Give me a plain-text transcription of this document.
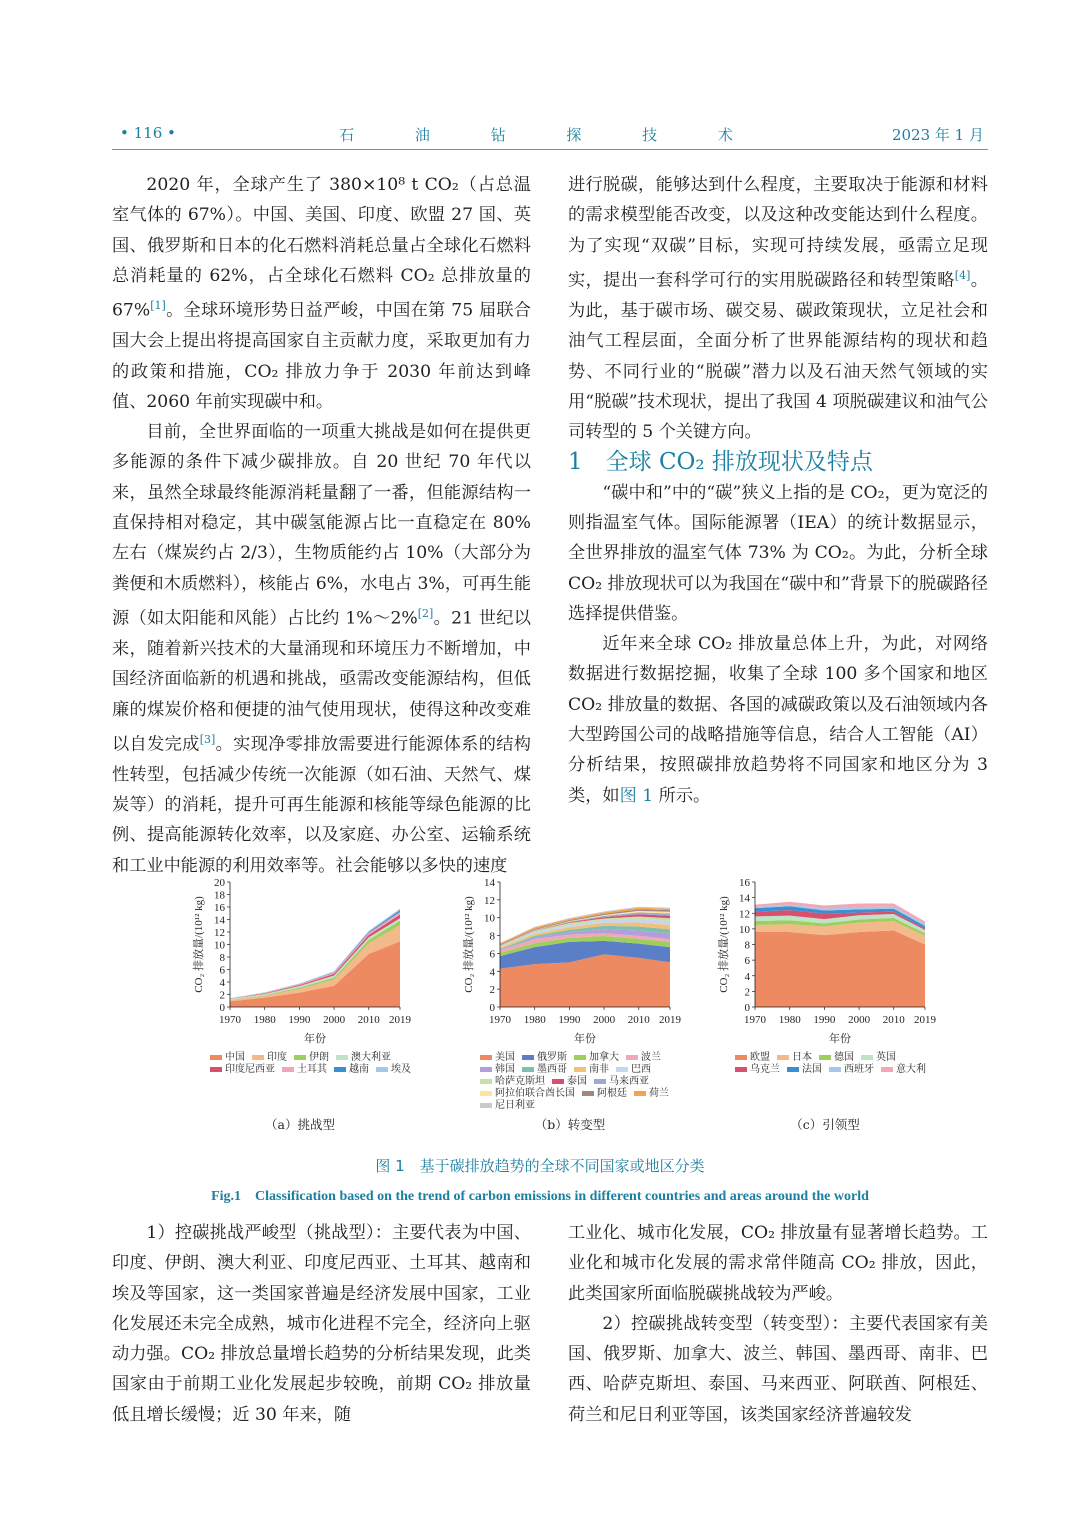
• 116 •	石 油 钻 探 技 术	2023 年 1 月

2020 年，全球产生了 380×10⁸ t CO₂（占总温室气体的 67%）。中国、美国、印度、欧盟 27 国、英国、俄罗斯和日本的化石燃料消耗总量占全球化石燃料总消耗量的 62%，占全球化石燃料 CO₂ 总排放量的 67%[1]。全球环境形势日益严峻，中国在第 75 届联合国大会上提出将提高国家自主贡献力度，采取更加有力的政策和措施，CO₂ 排放力争于 2030 年前达到峰值、2060 年前实现碳中和。

目前，全世界面临的一项重大挑战是如何在提供更多能源的条件下减少碳排放。自 20 世纪 70 年代以来，虽然全球最终能源消耗量翻了一番，但能源结构一直保持相对稳定，其中碳氢能源占比一直稳定在 80% 左右（煤炭约占 2/3），生物质能约占 10%（大部分为粪便和木质燃料），核能占 6%，水电占 3%，可再生能源（如太阳能和风能）占比约 1%～2%[2]。21 世纪以来，随着新兴技术的大量涌现和环境压力不断增加，中国经济面临新的机遇和挑战，亟需改变能源结构，但低廉的煤炭价格和便捷的油气使用现状，使得这种改变难以自发完成[3]。实现净零排放需要进行能源体系的结构性转型，包括减少传统一次能源（如石油、天然气、煤炭等）的消耗，提升可再生能源和核能等绿色能源的比例、提高能源转化效率，以及家庭、办公室、运输系统和工业中能源的利用效率等。社会能够以多快的速度

进行脱碳，能够达到什么程度，主要取决于能源和材料的需求模型能否改变，以及这种改变能达到什么程度。为了实现“双碳”目标，实现可持续发展，亟需立足现实，提出一套科学可行的实用脱碳路径和转型策略[4]。为此，基于碳市场、碳交易、碳政策现状，立足社会和油气工程层面，全面分析了世界能源结构的现状和趋势、不同行业的“脱碳”潜力以及石油天然气领域的实用“脱碳”技术现状，提出了我国 4 项脱碳建议和油气公司转型的 5 个关键方向。

1　全球 CO₂ 排放现状及特点

“碳中和”中的“碳”狭义上指的是 CO₂，更为宽泛的则指温室气体。国际能源署（IEA）的统计数据显示，全世界排放的温室气体 73% 为 CO₂。为此，分析全球 CO₂ 排放现状可以为我国在“碳中和”背景下的脱碳路径选择提供借鉴。

近年来全球 CO₂ 排放量总体上升，为此，对网络数据进行数据挖掘，收集了全球 100 多个国家和地区 CO₂ 排放量的数据、各国的减碳政策以及石油领域内各大型跨国公司的战略措施等信息，结合人工智能（AI）分析结果，按照碳排放趋势将不同国家和地区分为 3 类，如图 1 所示。

0
2
4
6
8
10
12
14
16
18
20
1970 1980 1990 2000 2010 2019
年份
CO₂ 排放量/(10¹² kg)
中国 印度 伊朗 澳大利亚印度尼西亚 土耳其 越南 埃及
（a）挑战型
0
2
4
6
8
10
12
14
1970 1980 1990 2000 2010 2019
年份
CO₂ 排放量/(10¹² kg)
美国 俄罗斯 加拿大 波兰韩国 墨西哥 南非 巴西哈萨克斯坦 泰国 马来西亚阿拉伯联合酋长国 阿根廷 荷兰尼日利亚
（b）转变型
0
2
4
6
8
10
12
14
16
1970 1980 1990 2000 2010 2019
年份
CO₂ 排放量/(10¹² kg)
欧盟 日本 德国 英国乌克兰 法国 西班牙 意大利
（c）引领型
图 1　基于碳排放趋势的全球不同国家或地区分类
Fig.1　Classification based on the trend of carbon emissions in different countries and areas around the world

1）控碳挑战严峻型（挑战型）：主要代表为中国、印度、伊朗、澳大利亚、印度尼西亚、土耳其、越南和埃及等国家，这一类国家普遍是经济发展中国家，工业化发展还未完全成熟，城市化进程不完全，经济向上驱动力强。CO₂ 排放总量增长趋势的分析结果发现，此类国家由于前期工业化发展起步较晚，前期 CO₂ 排放量低且增长缓慢；近 30 年来，随

工业化、城市化发展，CO₂ 排放量有显著增长趋势。工业化和城市化发展的需求常伴随高 CO₂ 排放，因此，此类国家所面临脱碳挑战较为严峻。

2）控碳挑战转变型（转变型）：主要代表国家有美国、俄罗斯、加拿大、波兰、韩国、墨西哥、南非、巴西、哈萨克斯坦、泰国、马来西亚、阿联酋、阿根廷、荷兰和尼日利亚等国，该类国家经济普遍较发
